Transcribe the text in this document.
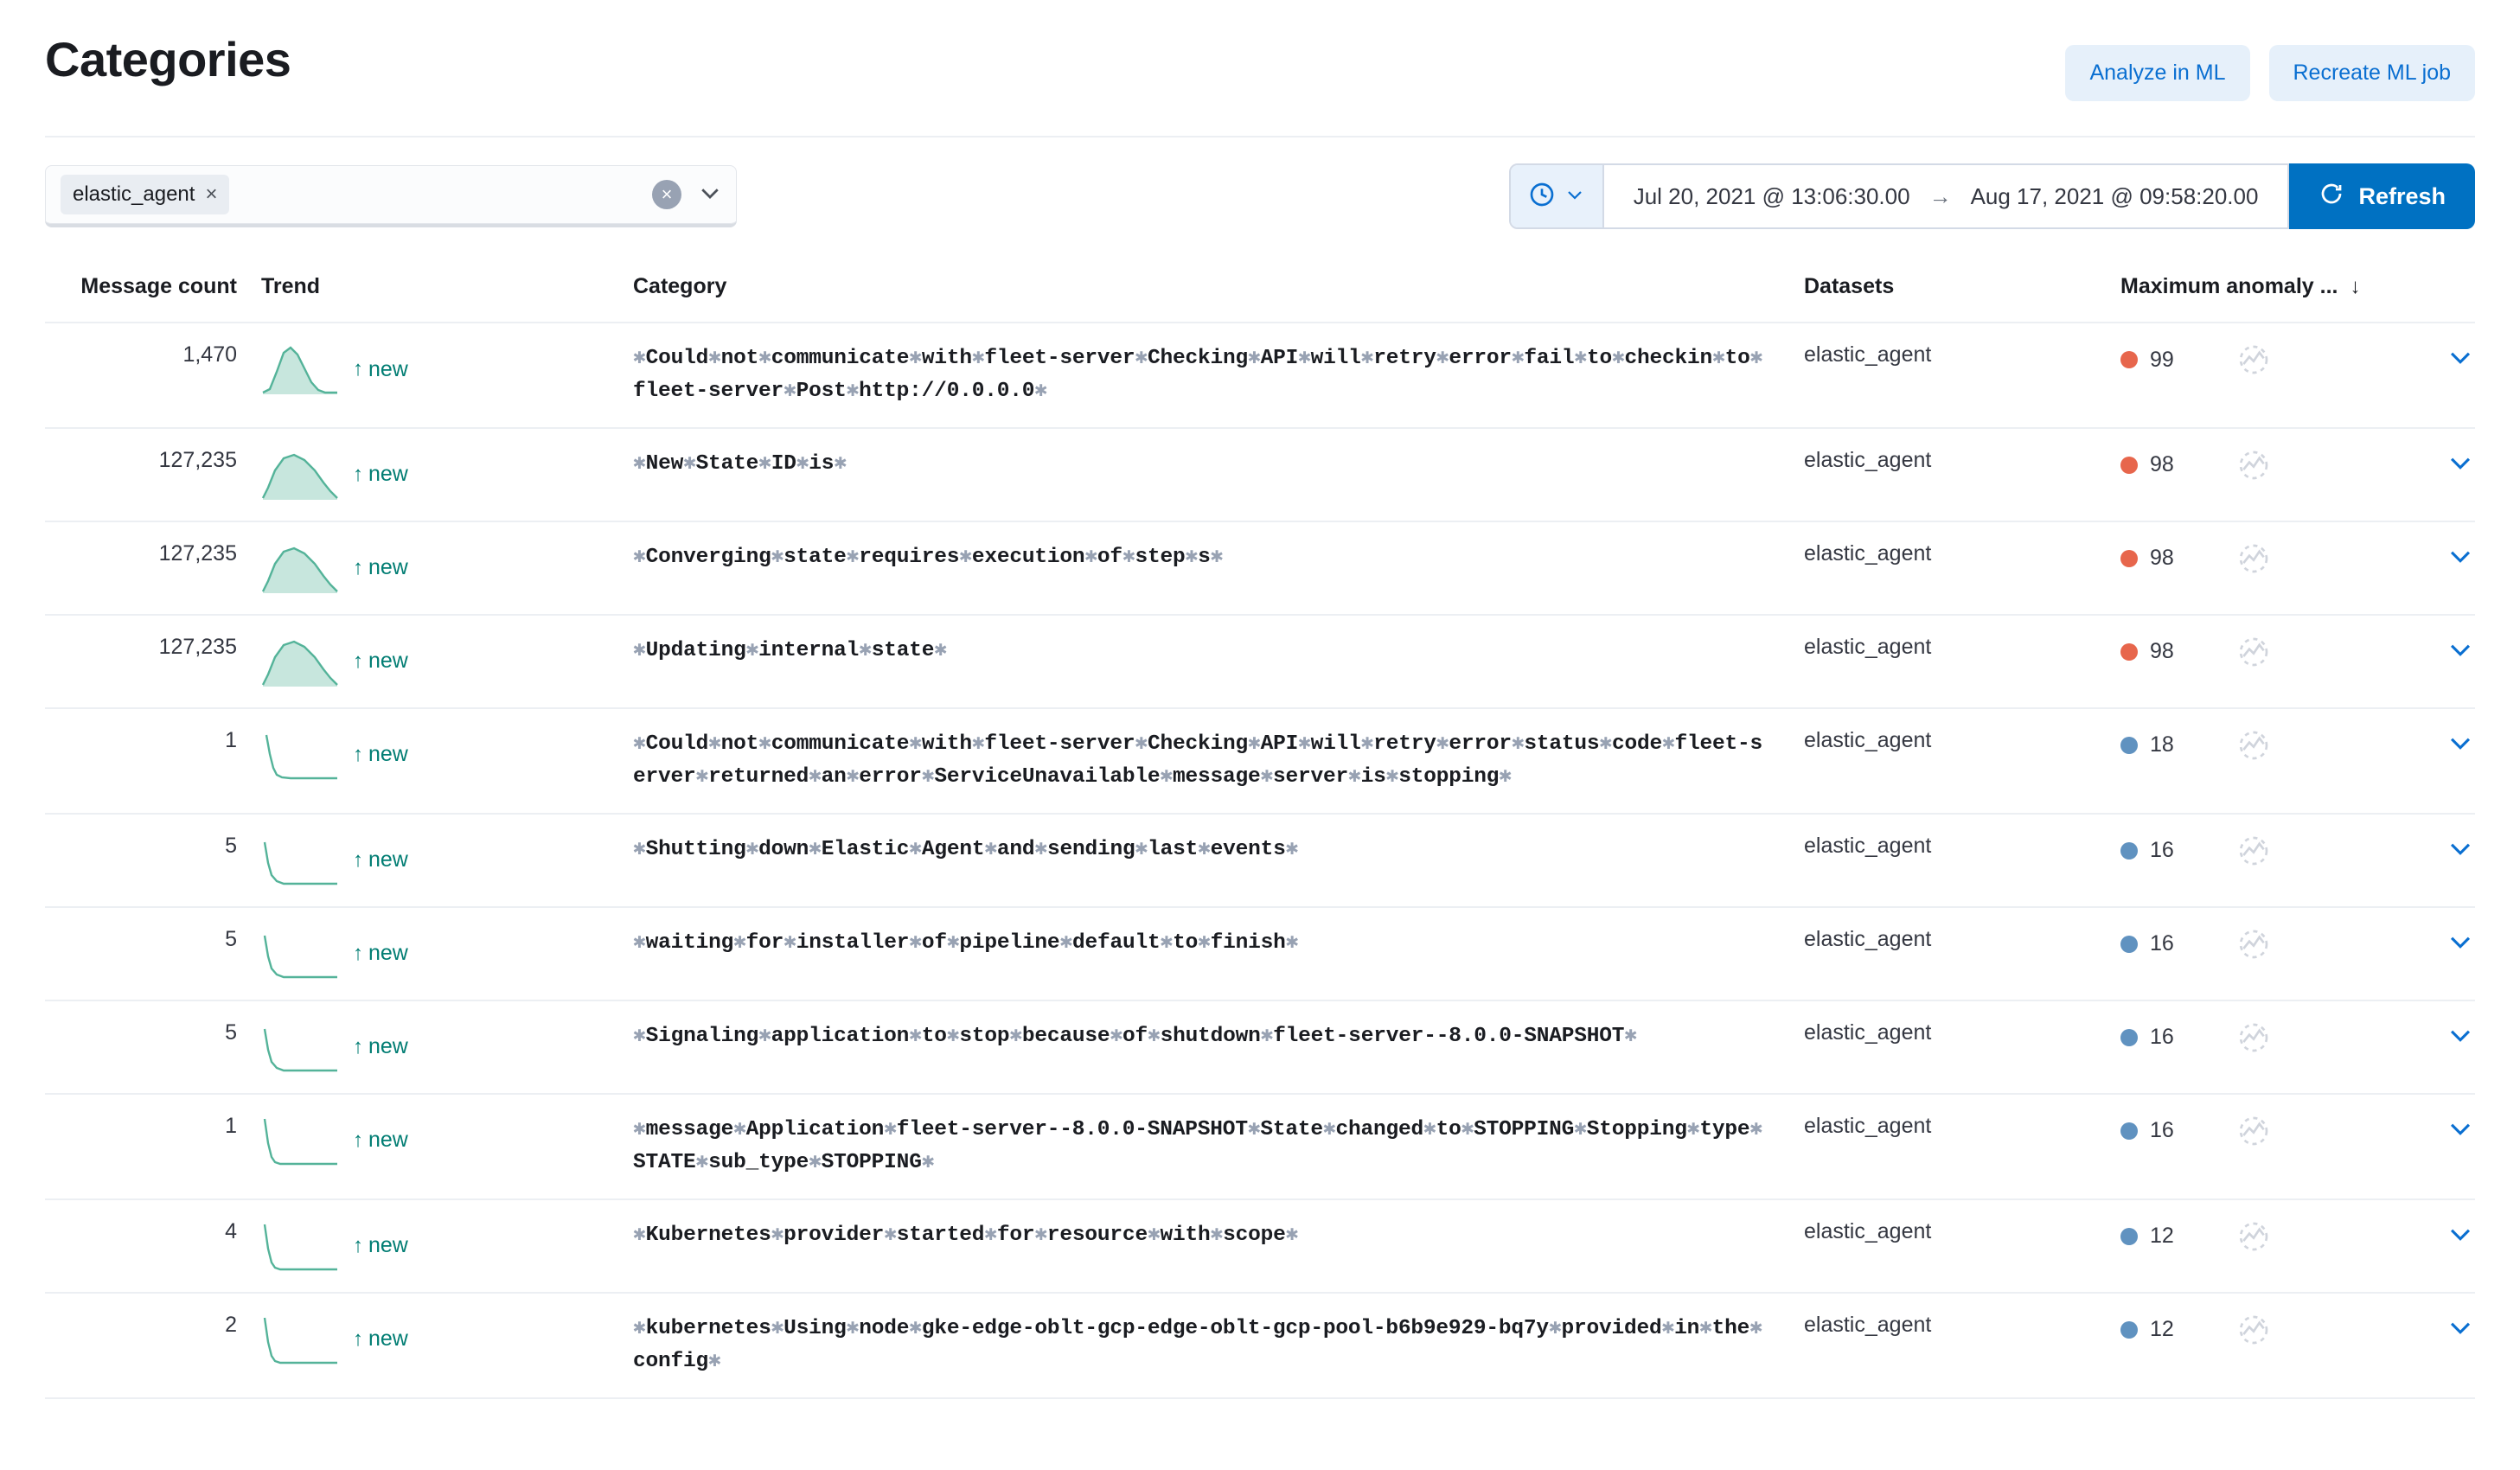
Categories	Analyze in ML	Recreate ML job
elastic_agent ×	×	Jul 20, 2021 @ 13:06:30.00 → Aug 17, 2021 @ 09:58:20.00	Refresh
Message count	Trend	Category	Datasets	Maximum anomaly ... ↓	
1,470	↑ new	✱Could✱not✱communicate✱with✱fleet-server✱Checking✱API✱will✱retry✱error✱fail✱to✱checkin✱to✱fleet-server✱Post✱http://0.0.0.0✱	elastic_agent	99

127,235	↑ new	✱New✱State✱ID✱is✱	elastic_agent	98

127,235	↑ new	✱Converging✱state✱requires✱execution✱of✱step✱s✱	elastic_agent	98

127,235	↑ new	✱Updating✱internal✱state✱	elastic_agent	98

1	↑ new	✱Could✱not✱communicate✱with✱fleet-server✱Checking✱API✱will✱retry✱error✱status✱code✱fleet-server✱returned✱an✱error✱ServiceUnavailable✱message✱server✱is✱stopping✱	elastic_agent	18

5	↑ new	✱Shutting✱down✱Elastic✱Agent✱and✱sending✱last✱events✱	elastic_agent	16

5	↑ new	✱waiting✱for✱installer✱of✱pipeline✱default✱to✱finish✱	elastic_agent	16

5	↑ new	✱Signaling✱application✱to✱stop✱because✱of✱shutdown✱fleet-server--8.0.0-SNAPSHOT✱	elastic_agent	16

1	↑ new	✱message✱Application✱fleet-server--8.0.0-SNAPSHOT✱State✱changed✱to✱STOPPING✱Stopping✱type✱STATE✱sub_type✱STOPPING✱	elastic_agent	16

4	↑ new	✱Kubernetes✱provider✱started✱for✱resource✱with✱scope✱	elastic_agent	12

2	↑ new	✱kubernetes✱Using✱node✱gke-edge-oblt-gcp-edge-oblt-gcp-pool-b6b9e929-bq7y✱provided✱in✱the✱config✱	elastic_agent	12
